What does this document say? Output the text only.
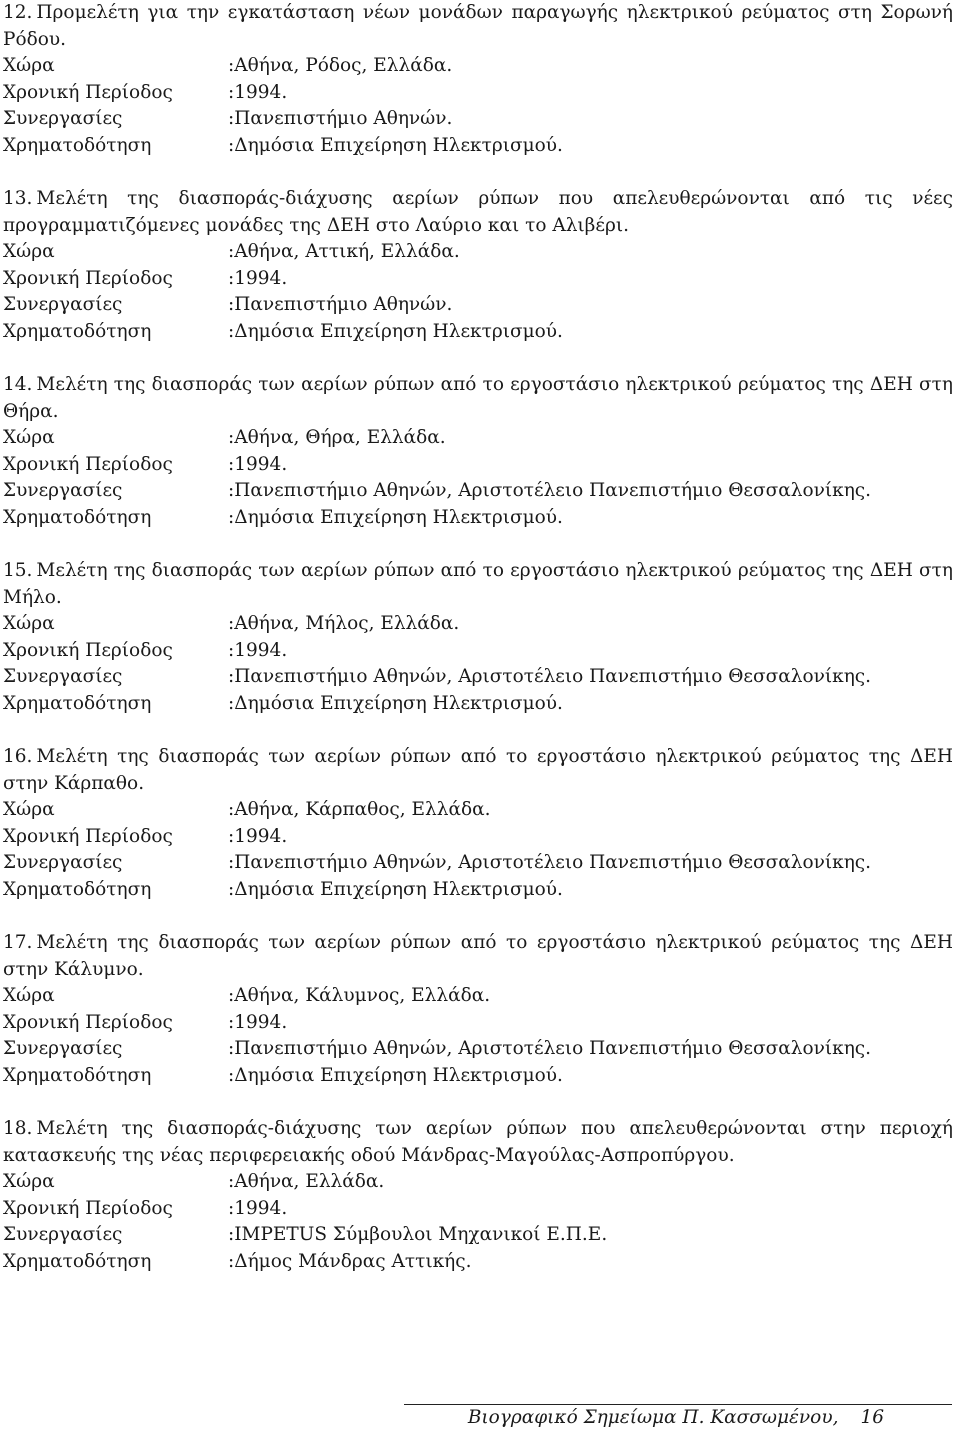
12. Προμελέτη για την εγκατάσταση νέων μονάδων παραγωγής ηλεκτρικού ρεύματος στη Σορωνή Ρόδου.

Χώρα	:Αθήνα, Ρόδος, Ελλάδα.
Χρονική Περίοδος	:1994.
Συνεργασίες	:Πανεπιστήμιο Αθηνών.
Χρηματοδότηση	:Δημόσια Επιχείρηση Ηλεκτρισμού.

13. Μελέτη της διασποράς-διάχυσης αερίων ρύπων που απελευθερώνονται από τις νέες προγραμματιζόμενες μονάδες της ΔΕΗ στο Λαύριο και το Αλιβέρι.

Χώρα	:Αθήνα, Αττική, Ελλάδα.
Χρονική Περίοδος	:1994.
Συνεργασίες	:Πανεπιστήμιο Αθηνών.
Χρηματοδότηση	:Δημόσια Επιχείρηση Ηλεκτρισμού.

14. Μελέτη της διασποράς των αερίων ρύπων από το εργοστάσιο ηλεκτρικού ρεύματος της ΔΕΗ στη Θήρα.

Χώρα	:Αθήνα, Θήρα, Ελλάδα.
Χρονική Περίοδος	:1994.
Συνεργασίες	:Πανεπιστήμιο Αθηνών, Αριστοτέλειο Πανεπιστήμιο Θεσσαλονίκης.
Χρηματοδότηση	:Δημόσια Επιχείρηση Ηλεκτρισμού.

15. Μελέτη της διασποράς των αερίων ρύπων από το εργοστάσιο ηλεκτρικού ρεύματος της ΔΕΗ στη Μήλο.

Χώρα	:Αθήνα, Μήλος, Ελλάδα.
Χρονική Περίοδος	:1994.
Συνεργασίες	:Πανεπιστήμιο Αθηνών, Αριστοτέλειο Πανεπιστήμιο Θεσσαλονίκης.
Χρηματοδότηση	:Δημόσια Επιχείρηση Ηλεκτρισμού.

16. Μελέτη της διασποράς των αερίων ρύπων από το εργοστάσιο ηλεκτρικού ρεύματος της ΔΕΗ στην Κάρπαθο.

Χώρα	:Αθήνα, Κάρπαθος, Ελλάδα.
Χρονική Περίοδος	:1994.
Συνεργασίες	:Πανεπιστήμιο Αθηνών, Αριστοτέλειο Πανεπιστήμιο Θεσσαλονίκης.
Χρηματοδότηση	:Δημόσια Επιχείρηση Ηλεκτρισμού.

17. Μελέτη της διασποράς των αερίων ρύπων από το εργοστάσιο ηλεκτρικού ρεύματος της ΔΕΗ στην Κάλυμνο.

Χώρα	:Αθήνα, Κάλυμνος, Ελλάδα.
Χρονική Περίοδος	:1994.
Συνεργασίες	:Πανεπιστήμιο Αθηνών, Αριστοτέλειο Πανεπιστήμιο Θεσσαλονίκης.
Χρηματοδότηση	:Δημόσια Επιχείρηση Ηλεκτρισμού.

18. Μελέτη της διασποράς-διάχυσης των αερίων ρύπων που απελευθερώνονται στην περιοχή κατασκευής της νέας περιφερειακής οδού Μάνδρας-Μαγούλας-Ασπροπύργου.

Χώρα	:Αθήνα, Ελλάδα.
Χρονική Περίοδος	:1994.
Συνεργασίες	:IMPETUS Σύμβουλοι Μηχανικοί Ε.Π.Ε.
Χρηματοδότηση	:Δήμος Μάνδρας Αττικής.
Βιογραφικό Σημείωμα Π. Κασσωμένου, 16
